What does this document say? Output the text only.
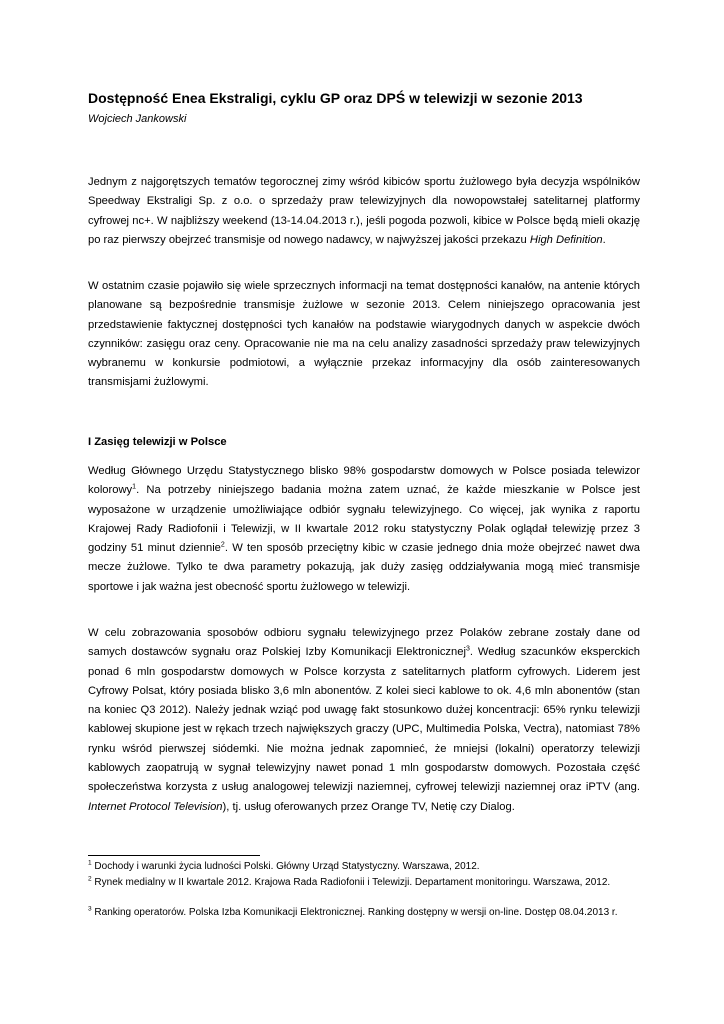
Dostępność Enea Ekstraligi, cyklu GP oraz DPŚ w telewizji w sezonie 2013
Wojciech Jankowski
Jednym z najgorętszych tematów tegorocznej zimy wśród kibiców sportu żużlowego była decyzja wspólników Speedway Ekstraligi Sp. z o.o. o sprzedaży praw telewizyjnych dla nowopowstałej satelitarnej platformy cyfrowej nc+. W najbliższy weekend (13-14.04.2013 r.), jeśli pogoda pozwoli, kibice w Polsce będą mieli okazję po raz pierwszy obejrzeć transmisje od nowego nadawcy, w najwyższej jakości przekazu High Definition.
W ostatnim czasie pojawiło się wiele sprzecznych informacji na temat dostępności kanałów, na antenie których planowane są bezpośrednie transmisje żużlowe w sezonie 2013. Celem niniejszego opracowania jest przedstawienie faktycznej dostępności tych kanałów na podstawie wiarygodnych danych w aspekcie dwóch czynników: zasięgu oraz ceny. Opracowanie nie ma na celu analizy zasadności sprzedaży praw telewizyjnych wybranemu w konkursie podmiotowi, a wyłącznie przekaz informacyjny dla osób zainteresowanych transmisjami żużlowymi.
I Zasięg telewizji w Polsce
Według Głównego Urzędu Statystycznego blisko 98% gospodarstw domowych w Polsce posiada telewizor kolorowy$^1$. Na potrzeby niniejszego badania można zatem uznać, że każde mieszkanie w Polsce jest wyposażone w urządzenie umożliwiające odbiór sygnału telewizyjnego. Co więcej, jak wynika z raportu Krajowej Rady Radiofonii i Telewizji, w II kwartale 2012 roku statystyczny Polak oglądał telewizję przez 3 godziny 51 minut dziennie$^2$. W ten sposób przeciętny kibic w czasie jednego dnia może obejrzeć nawet dwa mecze żużlowe. Tylko te dwa parametry pokazują, jak duży zasięg oddziaływania mogą mieć transmisje sportowe i jak ważna jest obecność sportu żużlowego w telewizji.
W celu zobrazowania sposobów odbioru sygnału telewizyjnego przez Polaków zebrane zostały dane od samych dostawców sygnału oraz Polskiej Izby Komunikacji Elektronicznej$^3$. Według szacunków eksperckich ponad 6 mln gospodarstw domowych w Polsce korzysta z satelitarnych platform cyfrowych. Liderem jest Cyfrowy Polsat, który posiada blisko 3,6 mln abonentów. Z kolei sieci kablowe to ok. 4,6 mln abonentów (stan na koniec Q3 2012). Należy jednak wziąć pod uwagę fakt stosunkowo dużej koncentracji: 65% rynku telewizji kablowej skupione jest w rękach trzech największych graczy (UPC, Multimedia Polska, Vectra), natomiast 78% rynku wśród pierwszej siódemki. Nie można jednak zapomnieć, że mniejsi (lokalni) operatorzy telewizji kablowych zaopatrują w sygnał telewizyjny nawet ponad 1 mln gospodarstw domowych. Pozostała część społeczeństwa korzysta z usług analogowej telewizji naziemnej, cyfrowej telewizji naziemnej oraz iPTV (ang. Internet Protocol Television), tj. usług oferowanych przez Orange TV, Netię czy Dialog.
$^1$ Dochody i warunki życia ludności Polski. Główny Urząd Statystyczny. Warszawa, 2012.
$^2$ Rynek medialny w II kwartale 2012. Krajowa Rada Radiofonii i Telewizji. Departament monitoringu. Warszawa, 2012.
$^3$ Ranking operatorów. Polska Izba Komunikacji Elektronicznej. Ranking dostępny w wersji on-line. Dostęp 08.04.2013 r.
